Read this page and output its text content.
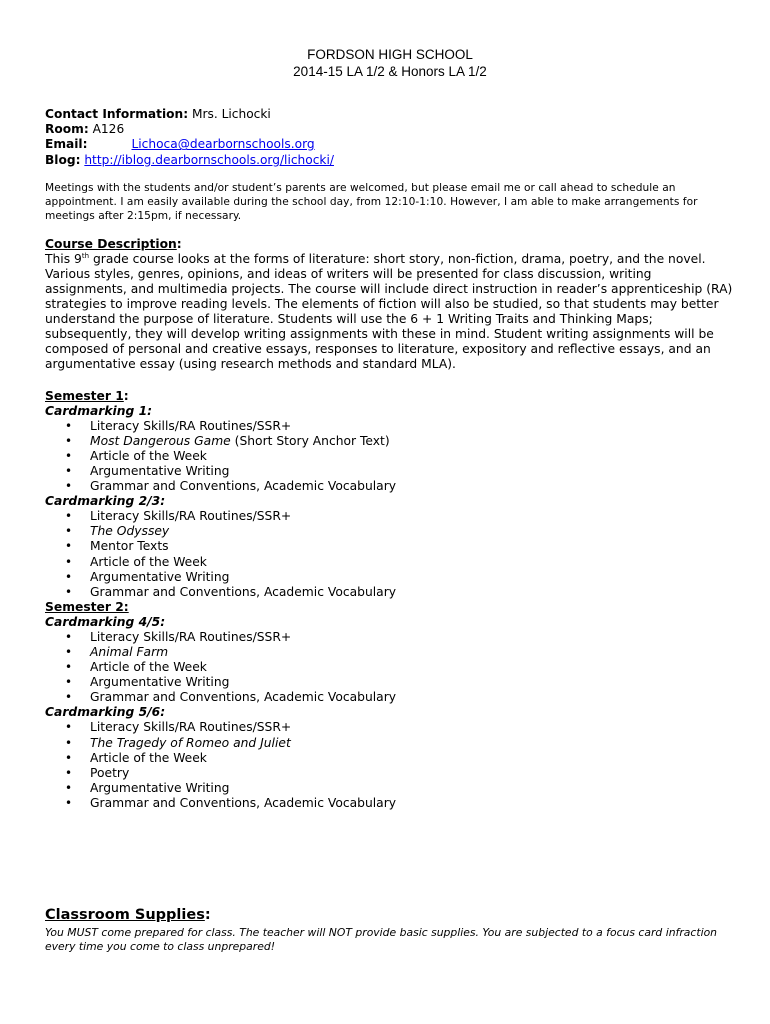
FORDSON HIGH SCHOOL
2014-15 LA 1/2 & Honors LA 1/2
Contact Information: Mrs. Lichocki
Room: A126
Email:	Lichoca@dearbornschools.org
Blog: http://iblog.dearbornschools.org/lichocki/
Meetings with the students and/or student’s parents are welcomed, but please email me or call ahead to schedule an appointment. I am easily available during the school day, from 12:10-1:10. However, I am able to make arrangements for meetings after 2:15pm, if necessary.
Course Description:
This 9th grade course looks at the forms of literature: short story, non-fiction, drama, poetry, and the novel. Various styles, genres, opinions, and ideas of writers will be presented for class discussion, writing assignments, and multimedia projects. The course will include direct instruction in reader’s apprenticeship (RA) strategies to improve reading levels. The elements of fiction will also be studied, so that students may better understand the purpose of literature. Students will use the 6 + 1 Writing Traits and Thinking Maps; subsequently, they will develop writing assignments with these in mind. Student writing assignments will be composed of personal and creative essays, responses to literature, expository and reflective essays, and an argumentative essay (using research methods and standard MLA).
Semester 1:
Cardmarking 1:
• Literacy Skills/RA Routines/SSR+
• Most Dangerous Game (Short Story Anchor Text)
• Article of the Week
• Argumentative Writing
• Grammar and Conventions, Academic Vocabulary
Cardmarking 2/3:
• Literacy Skills/RA Routines/SSR+
• The Odyssey
• Mentor Texts
• Article of the Week
• Argumentative Writing
• Grammar and Conventions, Academic Vocabulary
Semester 2:
Cardmarking 4/5:
• Literacy Skills/RA Routines/SSR+
• Animal Farm
• Article of the Week
• Argumentative Writing
• Grammar and Conventions, Academic Vocabulary
Cardmarking 5/6:
• Literacy Skills/RA Routines/SSR+
• The Tragedy of Romeo and Juliet
• Article of the Week
• Poetry
• Argumentative Writing
• Grammar and Conventions, Academic Vocabulary
Classroom Supplies:
You MUST come prepared for class. The teacher will NOT provide basic supplies. You are subjected to a focus card infraction every time you come to class unprepared!
